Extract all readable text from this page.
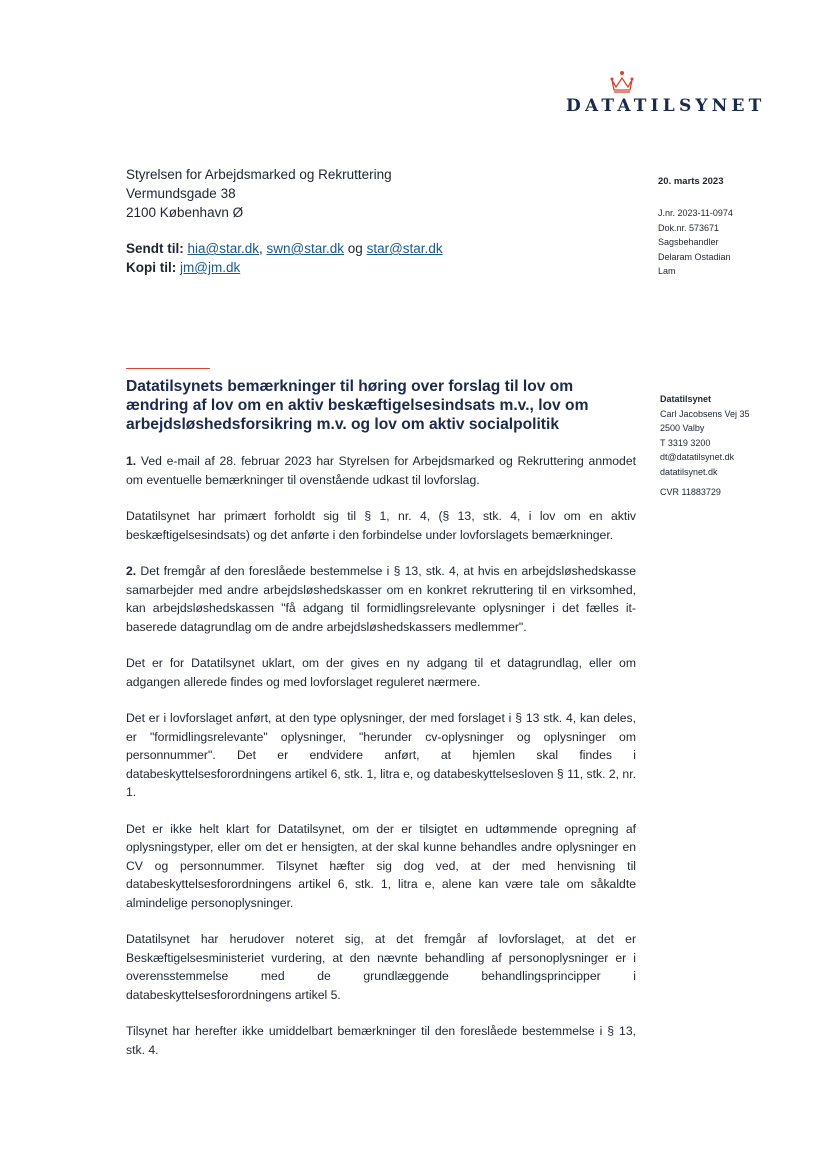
DATATILSYNET
Styrelsen for Arbejdsmarked og Rekruttering
Vermundsgade 38
2100 København Ø
Sendt til: hia@star.dk, swn@star.dk og star@star.dk
Kopi til: jm@jm.dk
20. marts 2023
J.nr. 2023-11-0974
Dok.nr. 573671
Sagsbehandler
Delaram Ostadian
Lam
Datatilsynets bemærkninger til høring over forslag til lov om ændring af lov om en aktiv beskæftigelsesindsats m.v., lov om arbejdsløshedsforsikring m.v. og lov om aktiv socialpolitik
Datatilsynet
Carl Jacobsens Vej 35
2500 Valby
T 3319 3200
dt@datatilsynet.dk
datatilsynet.dk
CVR 11883729

1. Ved e-mail af 28. februar 2023 har Styrelsen for Arbejdsmarked og Rekruttering anmodet om eventuelle bemærkninger til ovenstående udkast til lovforslag.

Datatilsynet har primært forholdt sig til § 1, nr. 4, (§ 13, stk. 4, i lov om en aktiv beskæftigelsesindsats) og det anførte i den forbindelse under lovforslagets bemærkninger.

2. Det fremgår af den foreslåede bestemmelse i § 13, stk. 4, at hvis en arbejdsløshedskasse samarbejder med andre arbejdsløshedskasser om en konkret rekruttering til en virksomhed, kan arbejdsløshedskassen "få adgang til formidlingsrelevante oplysninger i det fælles it-baserede datagrundlag om de andre arbejdsløshedskassers medlemmer".

Det er for Datatilsynet uklart, om der gives en ny adgang til et datagrundlag, eller om adgangen allerede findes og med lovforslaget reguleret nærmere.

Det er i lovforslaget anført, at den type oplysninger, der med forslaget i § 13 stk. 4, kan deles, er "formidlingsrelevante" oplysninger, "herunder cv-oplysninger og oplysninger om personnummer". Det er endvidere anført, at hjemlen skal findes i databeskyttelsesforordningens artikel 6, stk. 1, litra e, og databeskyttelsesloven § 11, stk. 2, nr. 1.

Det er ikke helt klart for Datatilsynet, om der er tilsigtet en udtømmende opregning af oplysningstyper, eller om det er hensigten, at der skal kunne behandles andre oplysninger en CV og personnummer. Tilsynet hæfter sig dog ved, at der med henvisning til databeskyttelsesforordningens artikel 6, stk. 1, litra e, alene kan være tale om såkaldte almindelige personoplysninger.

Datatilsynet har herudover noteret sig, at det fremgår af lovforslaget, at det er Beskæftigelsesministeriet vurdering, at den nævnte behandling af personoplysninger er i overensstemmelse med de grundlæggende behandlingsprincipper i databeskyttelsesforordningens artikel 5.

Tilsynet har herefter ikke umiddelbart bemærkninger til den foreslåede bestemmelse i § 13, stk. 4.
